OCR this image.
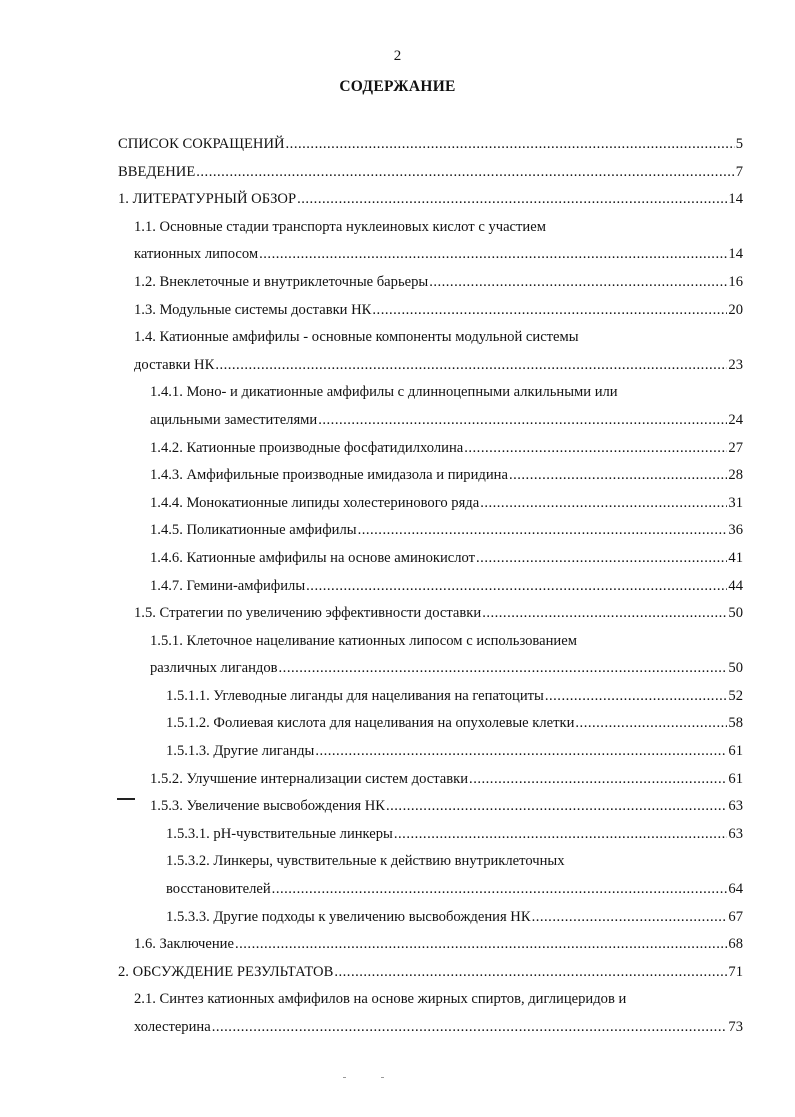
2
СОДЕРЖАНИЕ
СПИСОК СОКРАЩЕНИЙ .....	5
ВВЕДЕНИЕ .....	7
1. ЛИТЕРАТУРНЫЙ ОБЗОР .....	14
1.1. Основные стадии транспорта нуклеиновых кислот с участием
катионных липосом .....	14
1.2. Внеклеточные и внутриклеточные барьеры .....	16
1.3. Модульные системы доставки НК .....	20
1.4. Катионные амфифилы - основные компоненты модульной системы
доставки НК .....	23
1.4.1. Моно- и дикатионные амфифилы с длинноцепными алкильными или
ацильными заместителями .....	24
1.4.2. Катионные производные фосфатидилхолина .....	27
1.4.3. Амфифильные производные имидазола и пиридина .....	28
1.4.4. Монокатионные липиды холестеринового ряда .....	31
1.4.5. Поликатионные амфифилы .....	36
1.4.6. Катионные амфифилы на основе аминокислот .....	41
1.4.7. Гемини-амфифилы .....	44
1.5. Стратегии по увеличению эффективности доставки .....	50
1.5.1. Клеточное нацеливание катионных липосом с использованием
различных лигандов .....	50
1.5.1.1. Углеводные лиганды для нацеливания на гепатоциты .....	52
1.5.1.2. Фолиевая кислота для нацеливания на опухолевые клетки .....	58
1.5.1.3. Другие лиганды .....	61
1.5.2. Улучшение интернализации систем доставки .....	61
1.5.3. Увеличение высвобождения НК .....	63
1.5.3.1. pH-чувствительные линкеры .....	63
1.5.3.2. Линкеры, чувствительные к действию внутриклеточных
восстановителей .....	64
1.5.3.3. Другие подходы к увеличению высвобождения НК .....	67
1.6. Заключение .....	68
2. ОБСУЖДЕНИЕ РЕЗУЛЬТАТОВ .....	71
2.1. Синтез катионных амфифилов на основе жирных спиртов, диглицеридов и
холестерина .....	73
